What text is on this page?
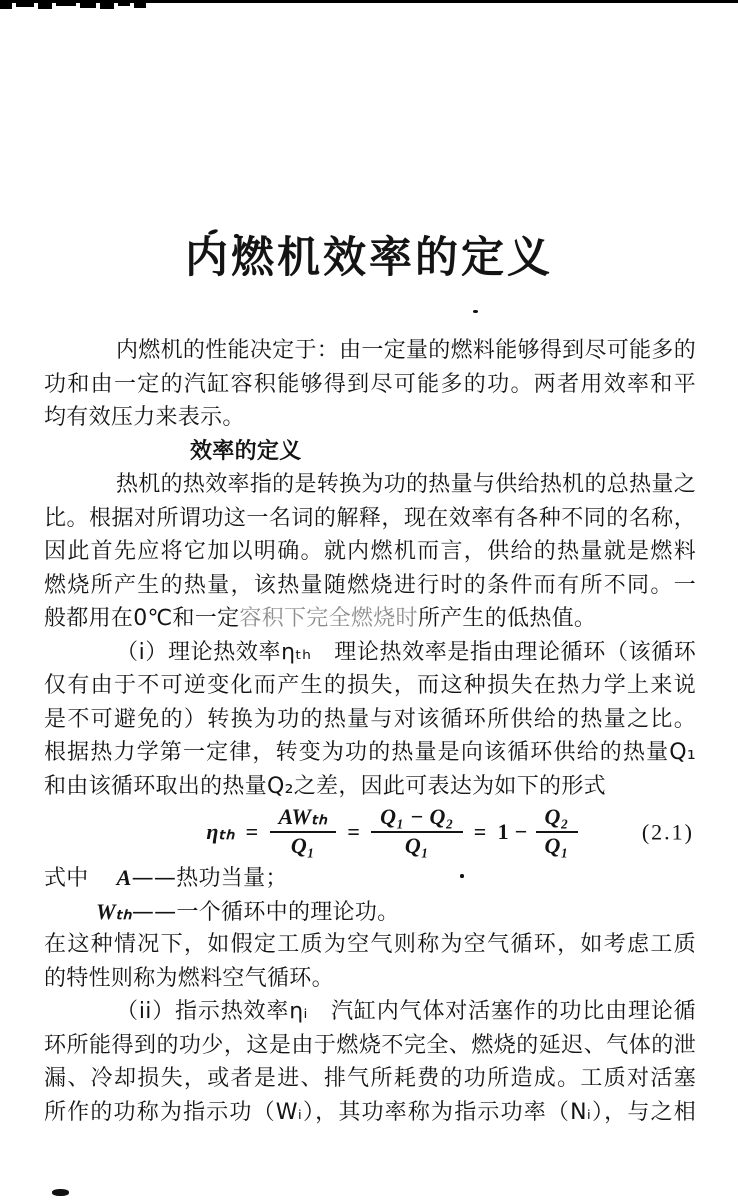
内燃机效率的定义
内燃机的性能决定于：由一定量的燃料能够得到尽可能多的
功和由一定的汽缸容积能够得到尽可能多的功。两者用效率和平
均有效压力来表示。
效率的定义
热机的热效率指的是转换为功的热量与供给热机的总热量之
比。根据对所谓功这一名词的解释，现在效率有各种不同的名称，
因此首先应将它加以明确。就内燃机而言，供给的热量就是燃料
燃烧所产生的热量，该热量随燃烧进行时的条件而有所不同。一
般都用在0℃和一定容积下完全燃烧时所产生的低热值。
（i）理论热效率ηₜₕ　理论热效率是指由理论循环（该循环
仅有由于不可逆变化而产生的损失，而这种损失在热力学上来说
是不可避免的）转换为功的热量与对该循环所供给的热量之比。
根据热力学第一定律，转变为功的热量是向该循环供给的热量Q₁
和由该循环取出的热量Q₂之差，因此可表达为如下的形式
$\eta_{th} = \frac{\text{AWₜₕ}}{\text{Q₁}} = \frac{\text{Q₁ − Q₂}}{\text{Q₁}} = 1 - \frac{\text{Q₂}}{\text{Q₁}}$	(2.1)
式中 A——热功当量；
Wₜₕ——一个循环中的理论功。
在这种情况下，如假定工质为空气则称为空气循环，如考虑工质
的特性则称为燃料空气循环。
（ii）指示热效率ηᵢ　汽缸内气体对活塞作的功比由理论循
环所能得到的功少，这是由于燃烧不完全、燃烧的延迟、气体的泄
漏、冷却损失，或者是进、排气所耗费的功所造成。工质对活塞
所作的功称为指示功（Wᵢ），其功率称为指示功率（Nᵢ），与之相
